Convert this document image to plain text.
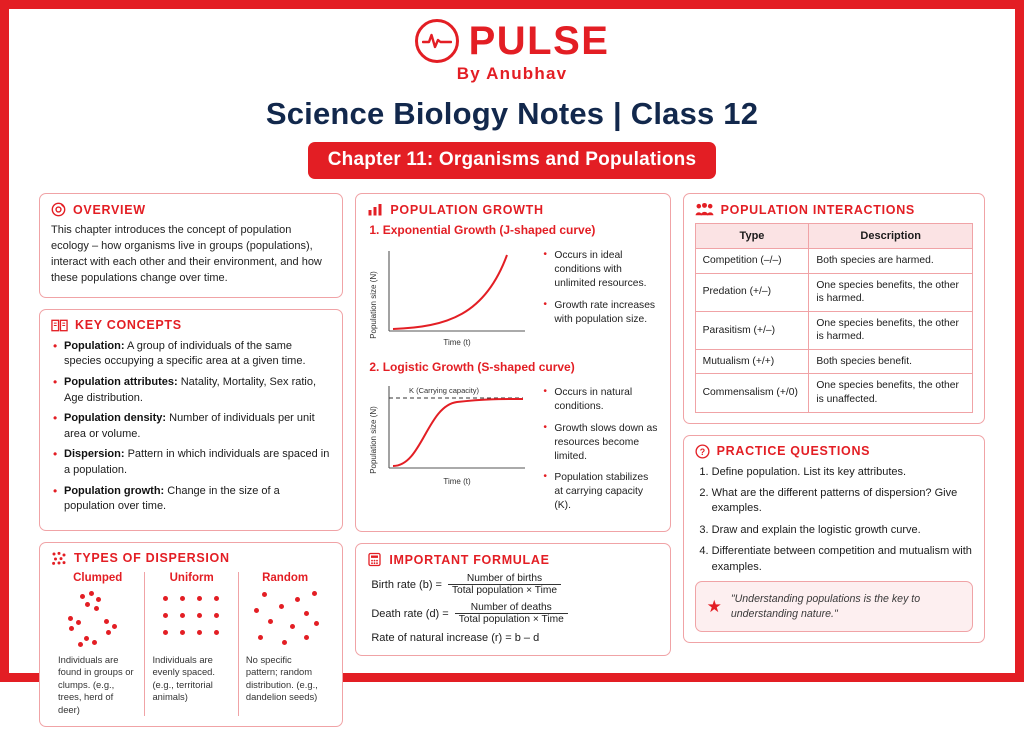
PULSE
By Anubhav
Science Biology Notes | Class 12
Chapter 11: Organisms and Populations
OVERVIEW
This chapter introduces the concept of population ecology – how organisms live in groups (populations), interact with each other and their environment, and how these populations change over time.
KEY CONCEPTS
• Population: A group of individuals of the same species occupying a specific area at a given time.
• Population attributes: Natality, Mortality, Sex ratio, Age distribution.
• Population density: Number of individuals per unit area or volume.
• Dispersion: Pattern in which individuals are spaced in a population.
• Population growth: Change in the size of a population over time.
TYPES OF DISPERSION
Clumped
Individuals are found in groups or clumps. (e.g., trees, herd of deer)
Uniform
Individuals are evenly spaced. (e.g., territorial animals)
Random
No specific pattern; random distribution. (e.g., dandelion seeds)
POPULATION GROWTH
1. Exponential Growth (J-shaped curve)
Population size (N)
Time (t)
• Occurs in ideal conditions with unlimited resources.
• Growth rate increases with population size.
2. Logistic Growth (S-shaped curve)
Population size (N)
K (Carrying capacity)
Time (t)
• Occurs in natural conditions.
• Growth slows down as resources become limited.
• Population stabilizes at carrying capacity (K).
IMPORTANT FORMULAE
Birth rate $(b) = \frac{\text{Number of births}}{\text{Total population × Time}}$
Death rate $(d) = \frac{\text{Number of deaths}}{\text{Total population × Time}}$
Rate of natural increase (r) = b – d
POPULATION INTERACTIONS
Type	Description
Competition (–/–)	Both species are harmed.
Predation (+/–)	One species benefits, the other is harmed.
Parasitism (+/–)	One species benefits, the other is harmed.
Mutualism (+/+)	Both species benefit.
Commensalism (+/0)	One species benefits, the other is unaffected.
? PRACTICE QUESTIONS
1. Define population. List its key attributes.
2. What are the different patterns of dispersion? Give examples.
3. Draw and explain the logistic growth curve.
4. Differentiate between competition and mutualism with examples.
★ "Understanding populations is the key to understanding nature."
